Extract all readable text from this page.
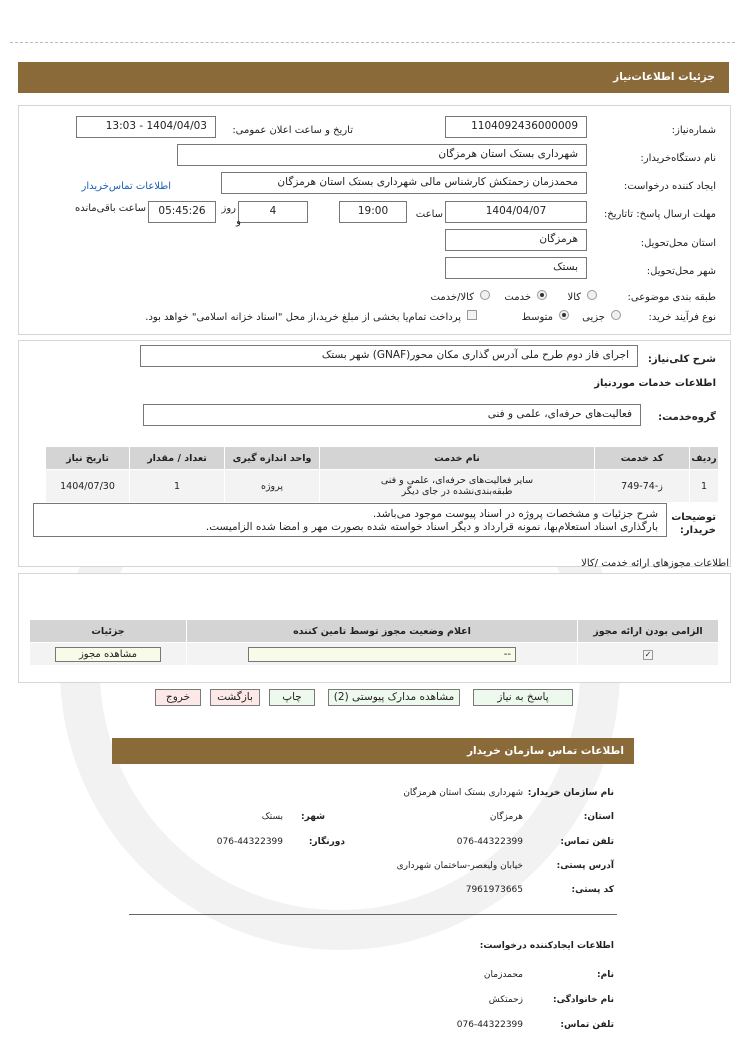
جزئیات اطلاعات‌نیاز
شماره‌نیاز:
1104092436000009
تاریخ و ساعت اعلان عمومی:
1404/04/03 - 13:03
نام دستگاه‌خریدار:
شهرداری بستک استان هرمزگان
ایجاد کننده درخواست:
محمدزمان زحمتکش کارشناس مالی شهرداری بستک استان هرمزگان
اطلاعات تماس‌خریدار
مهلت ارسال پاسخ: تاتاریخ:
1404/04/07
ساعت
19:00
4
روز
و
05:45:26
ساعت باقی‌مانده
استان محل‌تحویل:
هرمزگان
شهر محل‌تحویل:
بستک
طبقه بندی موضوعی:
کالا
خدمت
کالا/خدمت
نوع فرآیند خرید:
جزیی
متوسط
پرداخت تمام‌یا بخشی از مبلغ خرید،از محل "اسناد خزانه اسلامی" خواهد بود.
شرح کلی‌نیاز:
اجرای فاز دوم طرح ملی آدرس گذاری مکان محور(GNAF) شهر بستک
اطلاعات خدمات موردنیاز
گروه‌خدمت:
فعالیت‌های حرفه‌ای، علمی و فنی
ردیف	کد خدمت	نام خدمت	واحد اندازه گیری	تعداد / مقدار	تاریخ نیاز
1	ز-74-749	سایر فعالیت‌های حرفه‌ای، علمی و فنی
طبقه‌بندی‌نشده در جای دیگر	پروژه	1	1404/07/30
توضیحات
خریدار:
شرح جزئیات و مشخصات پروژه در اسناد پیوست موجود می‌باشد.
بارگذاری اسناد استعلام‌بها، نمونه قرارداد و دیگر اسناد خواسته شده بصورت مهر و امضا شده الزامیست.
اطلاعات مجوزهای ارائه خدمت /کالا
الزامی بودن ارائه مجوز	اعلام وضعیت مجوز توسط تامین کننده	جزئیات
✓	--	مشاهده مجوز
پاسخ به نیاز
مشاهده مدارک پیوستی (2)
چاپ
بازگشت
خروج
اطلاعات تماس سازمان خریدار
نام سازمان خریدار:
شهرداری بستک استان هرمزگان
استان:
هرمزگان
شهر:
بستک
تلفن تماس:
076-44322399
دورنگار:
076-44322399
آدرس پستی:
خیابان ولیعصر-ساختمان شهرداری
کد پستی:
7961973665
اطلاعات ایجادکننده درخواست:
نام:
محمدزمان
نام خانوادگی:
زحمتکش
تلفن تماس:
076-44322399
